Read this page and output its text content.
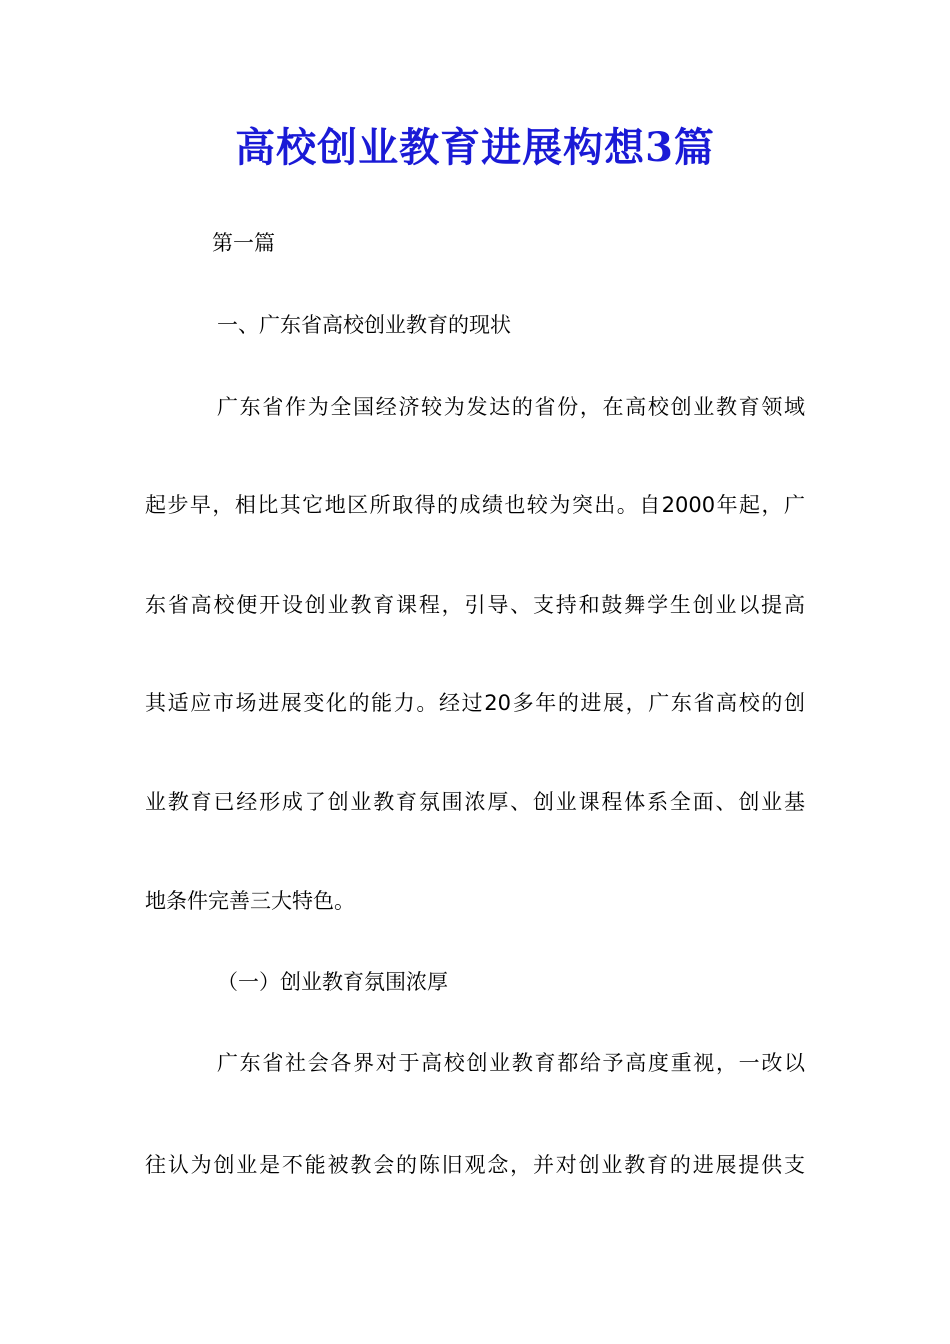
高校创业教育进展构想3篇
第一篇
一、广东省高校创业教育的现状
广东省作为全国经济较为发达的省份，在高校创业教育领域
起步早，相比其它地区所取得的成绩也较为突出。自2000年起，广
东省高校便开设创业教育课程，引导、支持和鼓舞学生创业以提高
其适应市场进展变化的能力。经过20多年的进展，广东省高校的创
业教育已经形成了创业教育氛围浓厚、创业课程体系全面、创业基
地条件完善三大特色。
（一）创业教育氛围浓厚
广东省社会各界对于高校创业教育都给予高度重视，一改以
往认为创业是不能被教会的陈旧观念，并对创业教育的进展提供支
